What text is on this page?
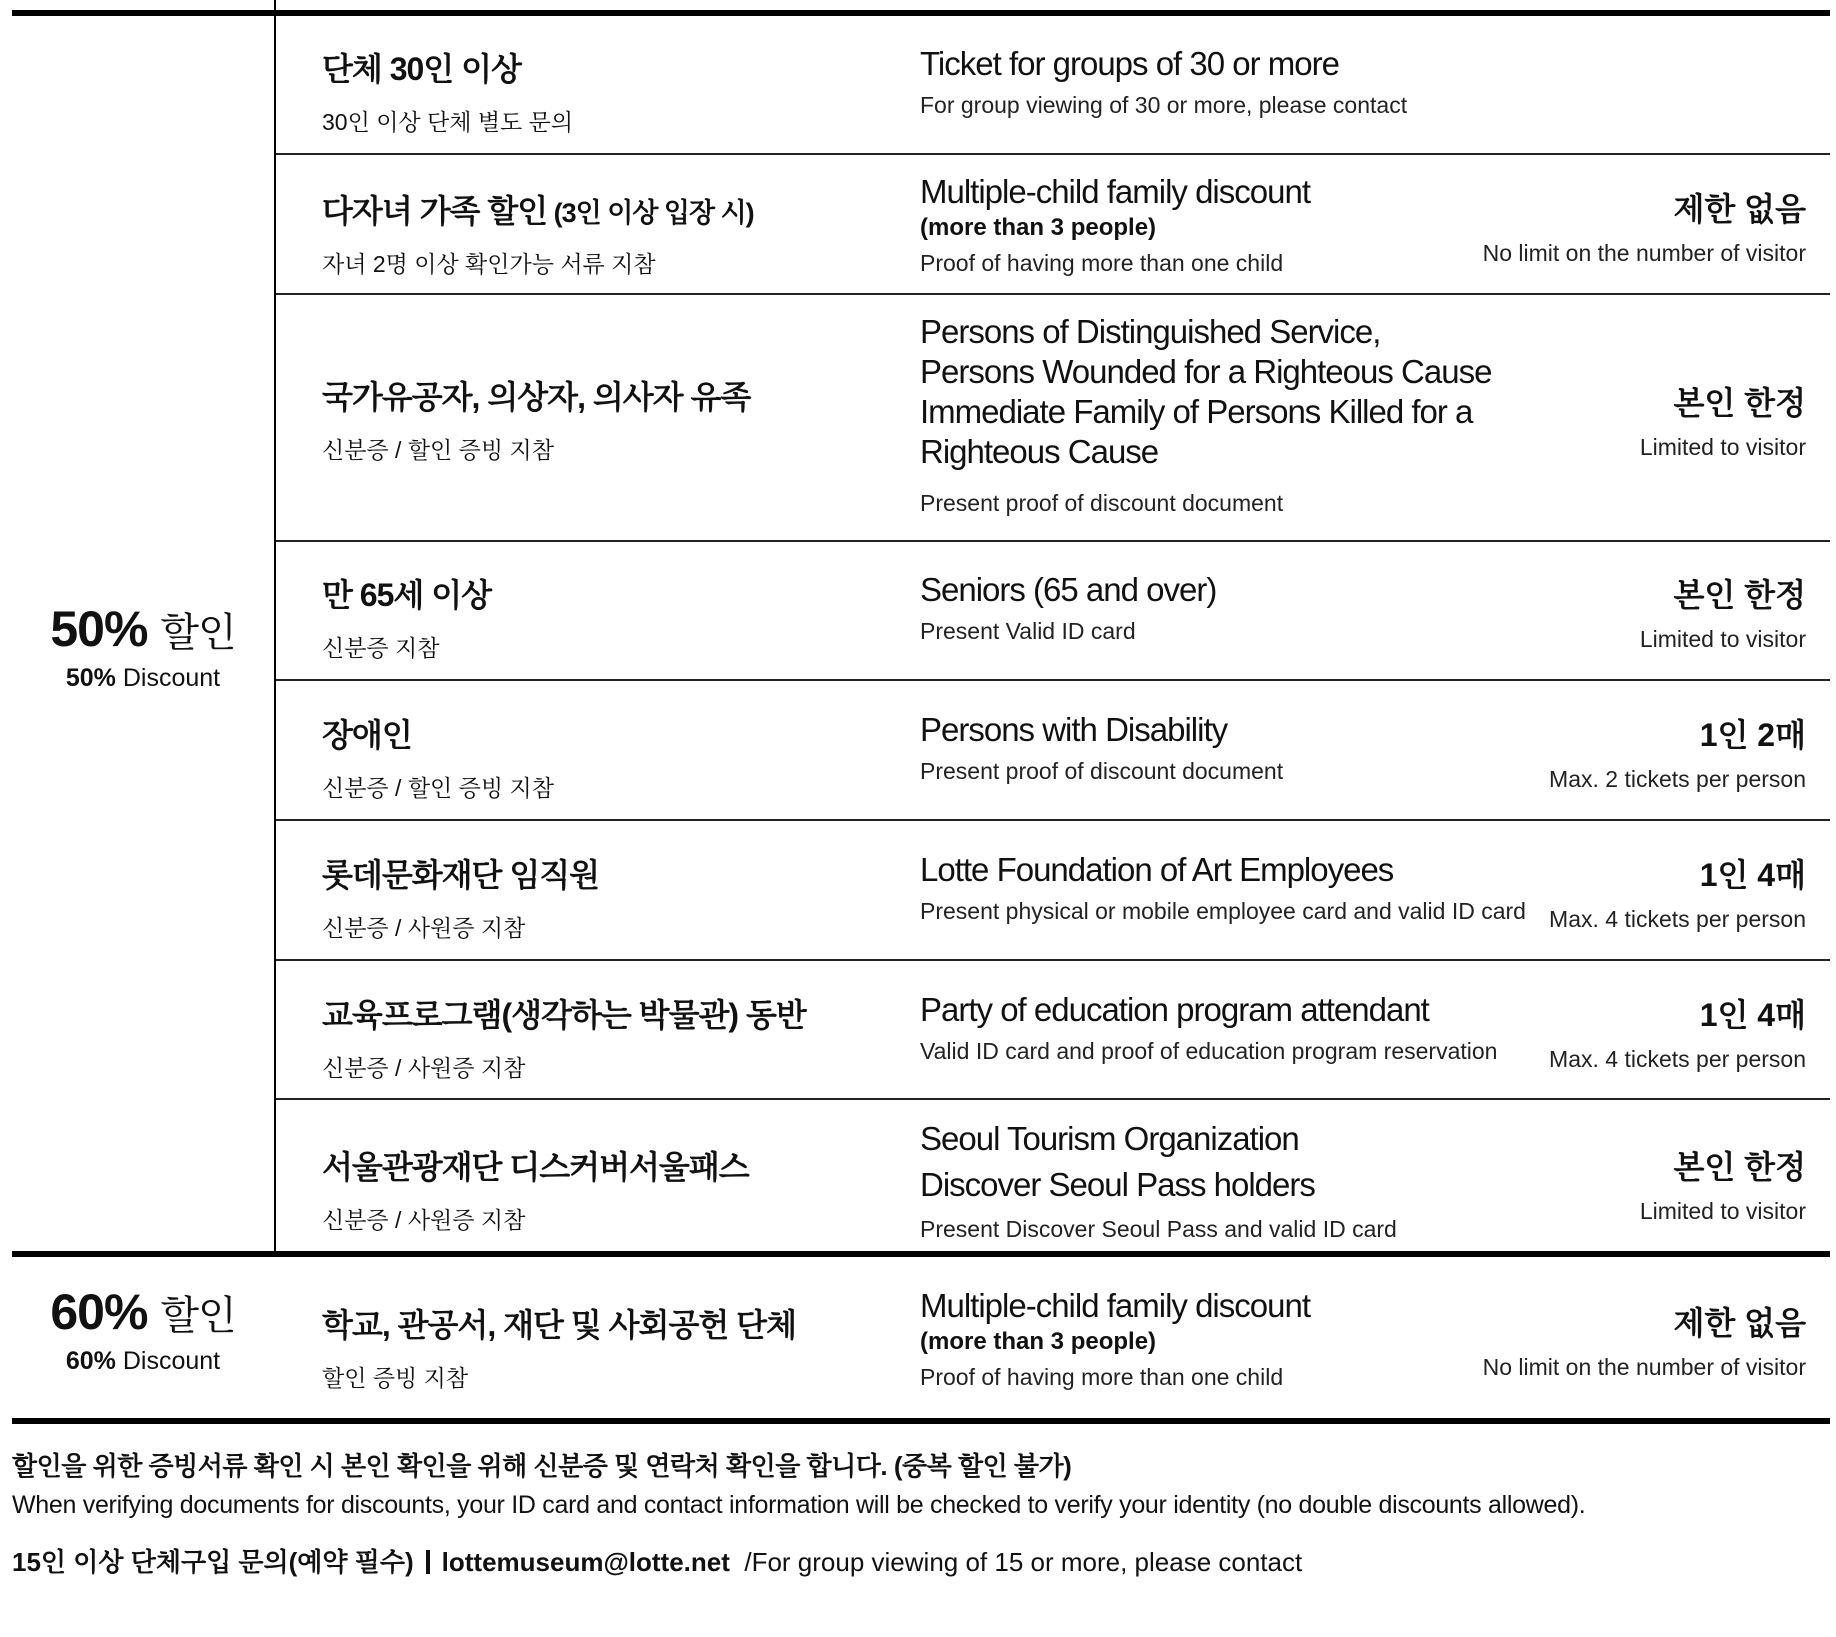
50% 할인
50% Discount
60% 할인
60% Discount
단체 30인 이상
30인 이상 단체 별도 문의
Ticket for groups of 30 or more
For group viewing of 30 or more, please contact
다자녀 가족 할인 (3인 이상 입장 시)
자녀 2명 이상 확인가능 서류 지참
Multiple-child family discount
(more than 3 people)
Proof of having more than one child
제한 없음
No limit on the number of visitor
국가유공자, 의상자, 의사자 유족
신분증 / 할인 증빙 지참
Persons of Distinguished Service,
Persons Wounded for a Righteous Cause
Immediate Family of Persons Killed for a
Righteous Cause
Present proof of discount document
본인 한정
Limited to visitor
만 65세 이상
신분증 지참
Seniors (65 and over)
Present Valid ID card
본인 한정
Limited to visitor
장애인
신분증 / 할인 증빙 지참
Persons with Disability
Present proof of discount document
1인 2매
Max. 2 tickets per person
롯데문화재단 임직원
신분증 / 사원증 지참
Lotte Foundation of Art Employees
Present physical or mobile employee card and valid ID card
1인 4매
Max. 4 tickets per person
교육프로그램(생각하는 박물관) 동반
신분증 / 사원증 지참
Party of education program attendant
Valid ID card and proof of education program reservation
1인 4매
Max. 4 tickets per person
서울관광재단 디스커버서울패스
신분증 / 사원증 지참
Seoul Tourism Organization
Discover Seoul Pass holders
Present Discover Seoul Pass and valid ID card
본인 한정
Limited to visitor
학교, 관공서, 재단 및 사회공헌 단체
할인 증빙 지참
Multiple-child family discount
(more than 3 people)
Proof of having more than one child
제한 없음
No limit on the number of visitor
할인을 위한 증빙서류 확인 시 본인 확인을 위해 신분증 및 연락처 확인을 합니다. (중복 할인 불가)
When verifying documents for discounts, your ID card and contact information will be checked to verify your identity (no double discounts allowed).
15인 이상 단체구입 문의(예약 필수) lottemuseum@lotte.net /For group viewing of 15 or more, please contact
